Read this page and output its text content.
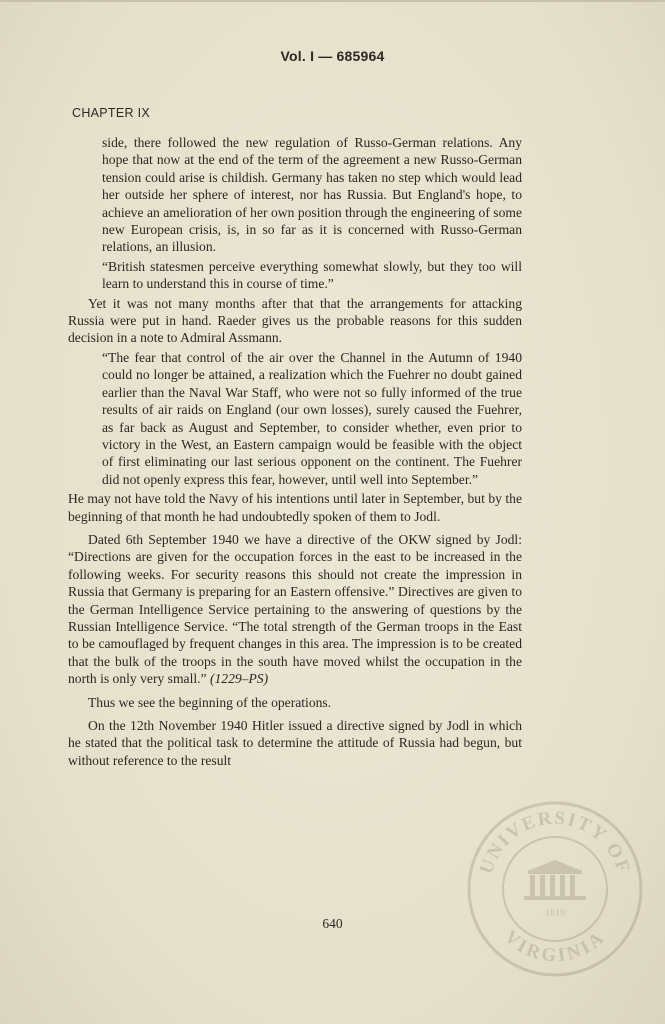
Vol. I — 685964
CHAPTER IX

side, there followed the new regulation of Russo-German relations. Any hope that now at the end of the term of the agreement a new Russo-German tension could arise is childish. Germany has taken no step which would lead her outside her sphere of interest, nor has Russia. But England's hope, to achieve an amelioration of her own position through the engineering of some new European crisis, is, in so far as it is concerned with Russo-German relations, an illusion.

“British statesmen perceive everything somewhat slowly, but they too will learn to understand this in course of time.”

Yet it was not many months after that that the arrangements for attacking Russia were put in hand. Raeder gives us the probable reasons for this sudden decision in a note to Admiral Assmann.

“The fear that control of the air over the Channel in the Autumn of 1940 could no longer be attained, a realization which the Fuehrer no doubt gained earlier than the Naval War Staff, who were not so fully informed of the true results of air raids on England (our own losses), surely caused the Fuehrer, as far back as August and September, to consider whether, even prior to victory in the West, an Eastern campaign would be feasible with the object of first eliminating our last serious opponent on the continent. The Fuehrer did not openly express this fear, however, until well into September.”

He may not have told the Navy of his intentions until later in September, but by the beginning of that month he had undoubtedly spoken of them to Jodl.

Dated 6th September 1940 we have a directive of the OKW signed by Jodl: “Directions are given for the occupation forces in the east to be increased in the following weeks. For security reasons this should not create the impression in Russia that Germany is preparing for an Eastern offensive.” Directives are given to the German Intelligence Service pertaining to the answering of questions by the Russian Intelligence Service. “The total strength of the German troops in the East to be camouflaged by frequent changes in this area. The impression is to be created that the bulk of the troops in the south have moved whilst the occupation in the north is only very small.” (1229–PS)

Thus we see the beginning of the operations.

On the 12th November 1940 Hitler issued a directive signed by Jodl in which he stated that the political task to determine the attitude of Russia had begun, but without reference to the result

640
UNIVERSITY OF
VIRGINIA
1819
